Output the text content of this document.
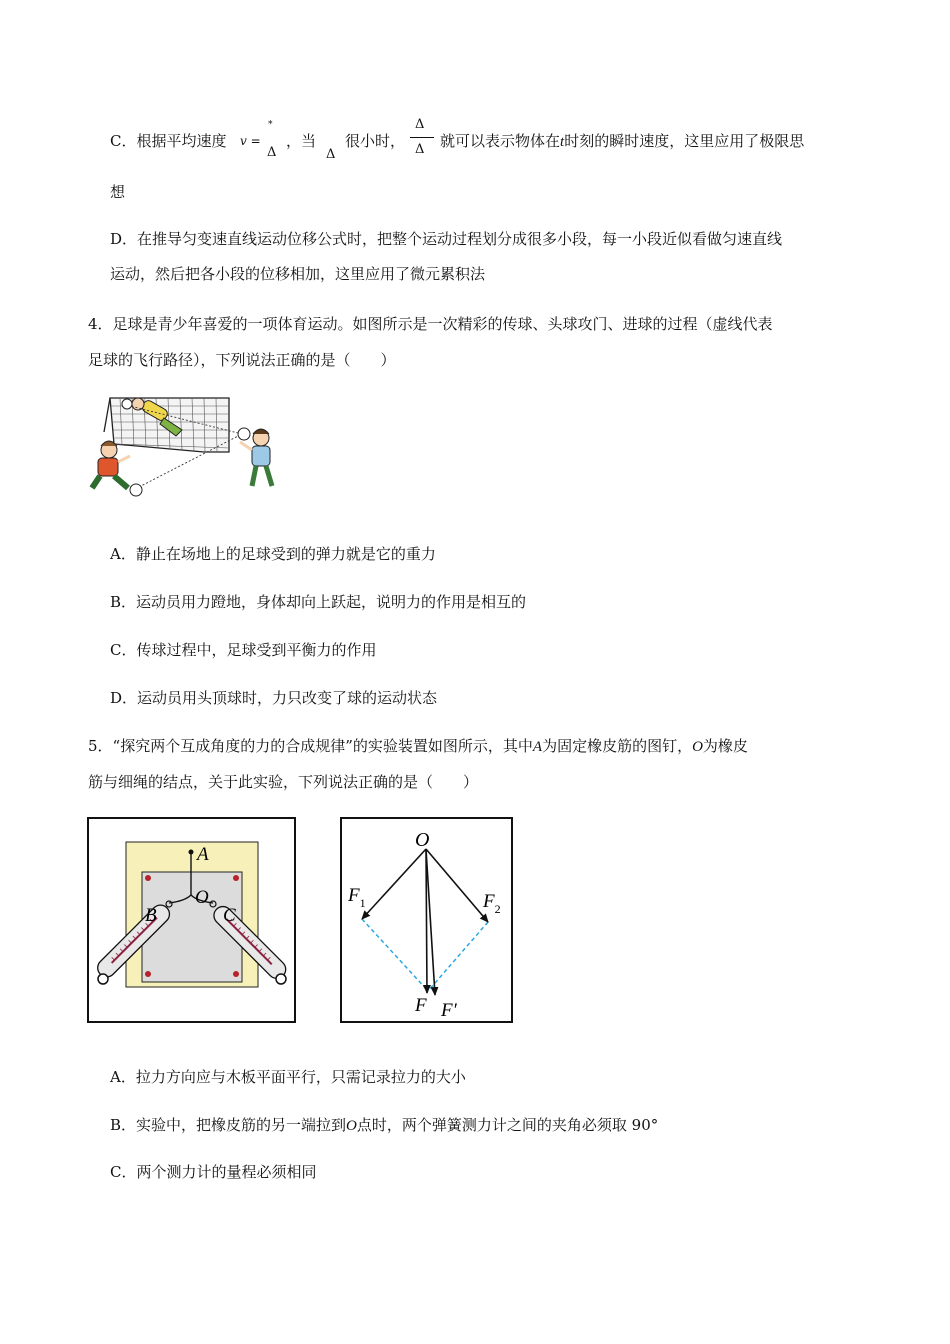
C．根据平均速度 v =
*
Δ
，当
Δ
很小时，
Δ
Δ 就可以表示物体在t时刻的瞬时速度，这里应用了极限思
想
D．在推导匀变速直线运动位移公式时，把整个运动过程划分成很多小段，每一小段近似看做匀速直线
运动，然后把各小段的位移相加，这里应用了微元累积法
4．足球是青少年喜爱的一项体育运动。如图所示是一次精彩的传球、头球攻门、进球的过程（虚线代表
足球的飞行路径），下列说法正确的是（　　）
A．静止在场地上的足球受到的弹力就是它的重力
B．运动员用力蹬地，身体却向上跃起，说明力的作用是相互的
C．传球过程中，足球受到平衡力的作用
D．运动员用头顶球时，力只改变了球的运动状态
5．“探究两个互成角度的力的合成规律”的实验装置如图所示，其中A为固定橡皮筋的图钉，O为橡皮
筋与细绳的结点，关于此实验，下列说法正确的是（　　）
A
O
B	C
O
$F_1$	$F_2$
F F′
A．拉力方向应与木板平面平行，只需记录拉力的大小
B．实验中，把橡皮筋的另一端拉到O点时，两个弹簧测力计之间的夹角必须取 90°
C．两个测力计的量程必须相同
